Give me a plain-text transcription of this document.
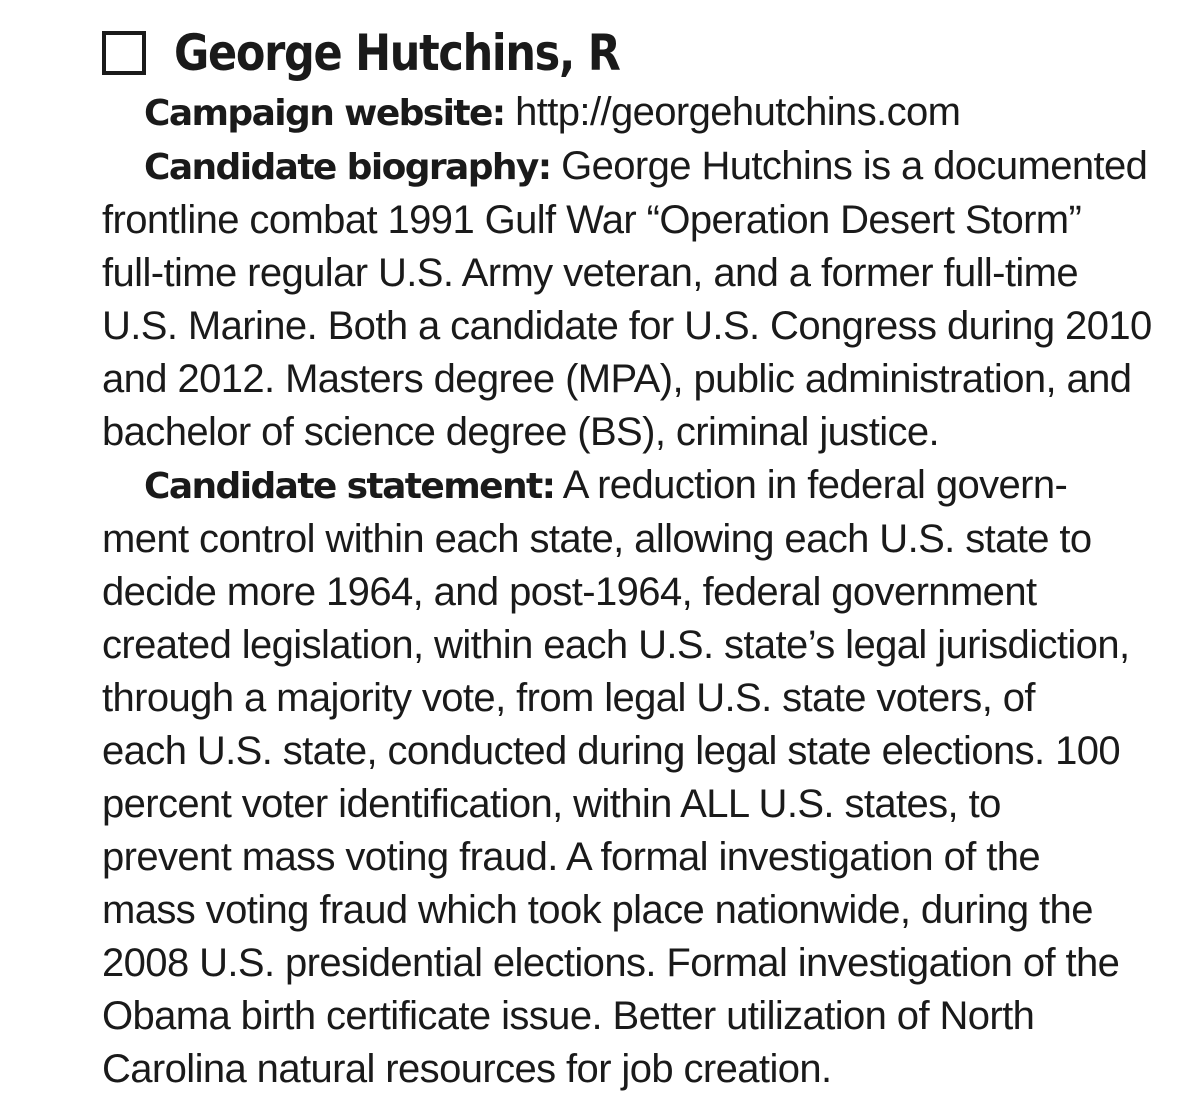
George Hutchins, R

Campaign website: http://georgehutchins.com

Candidate biography: George Hutchins is a documented
frontline combat 1991 Gulf War “Operation Desert Storm”
full-time regular U.S. Army veteran, and a former full-time
U.S. Marine. Both a candidate for U.S. Congress during 2010
and 2012. Masters degree (MPA), public administration, and
bachelor of science degree (BS), criminal justice.

Candidate statement: A reduction in federal govern-
ment control within each state, allowing each U.S. state to
decide more 1964, and post-1964, federal government
created legislation, within each U.S. state’s legal jurisdiction,
through a majority vote, from legal U.S. state voters, of
each U.S. state, conducted during legal state elections. 100
percent voter identification, within ALL U.S. states, to
prevent mass voting fraud. A formal investigation of the
mass voting fraud which took place nationwide, during the
2008 U.S. presidential elections. Formal investigation of the
Obama birth certificate issue. Better utilization of North
Carolina natural resources for job creation.
